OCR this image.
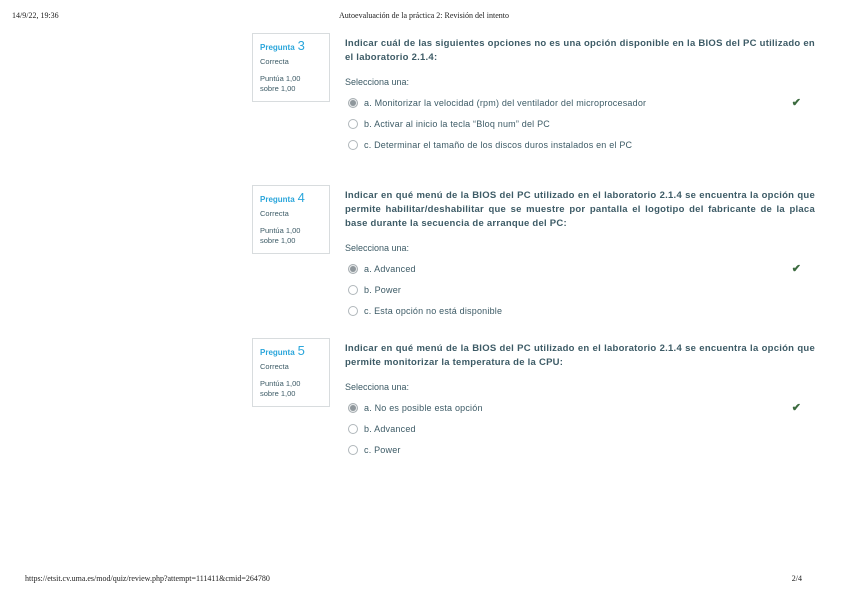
14/9/22, 19:36	Autoevaluación de la práctica 2: Revisión del intento
Pregunta 3
Correcta
Puntúa 1,00
sobre 1,00

Indicar cuál de las siguientes opciones no es una opción disponible en la BIOS del PC utilizado en el laboratorio 2.1.4:

Selecciona una:

a. Monitorizar la velocidad (rpm) del ventilador del microprocesador	✔
b. Activar al inicio la tecla “Bloq num” del PC
c. Determinar el tamaño de los discos duros instalados en el PC
Pregunta 4
Correcta
Puntúa 1,00
sobre 1,00

Indicar en qué menú de la BIOS del PC utilizado en el laboratorio 2.1.4 se encuentra la opción que permite habilitar/deshabilitar que se muestre por pantalla el logotipo del fabricante de la placa base durante la secuencia de arranque del PC:

Selecciona una:

a. Advanced	✔
b. Power
c. Esta opción no está disponible
Pregunta 5
Correcta
Puntúa 1,00
sobre 1,00

Indicar en qué menú de la BIOS del PC utilizado en el laboratorio 2.1.4 se encuentra la opción que permite monitorizar la temperatura de la CPU:

Selecciona una:

a. No es posible esta opción	✔
b. Advanced
c. Power
https://etsit.cv.uma.es/mod/quiz/review.php?attempt=111411&cmid=264780	2/4
